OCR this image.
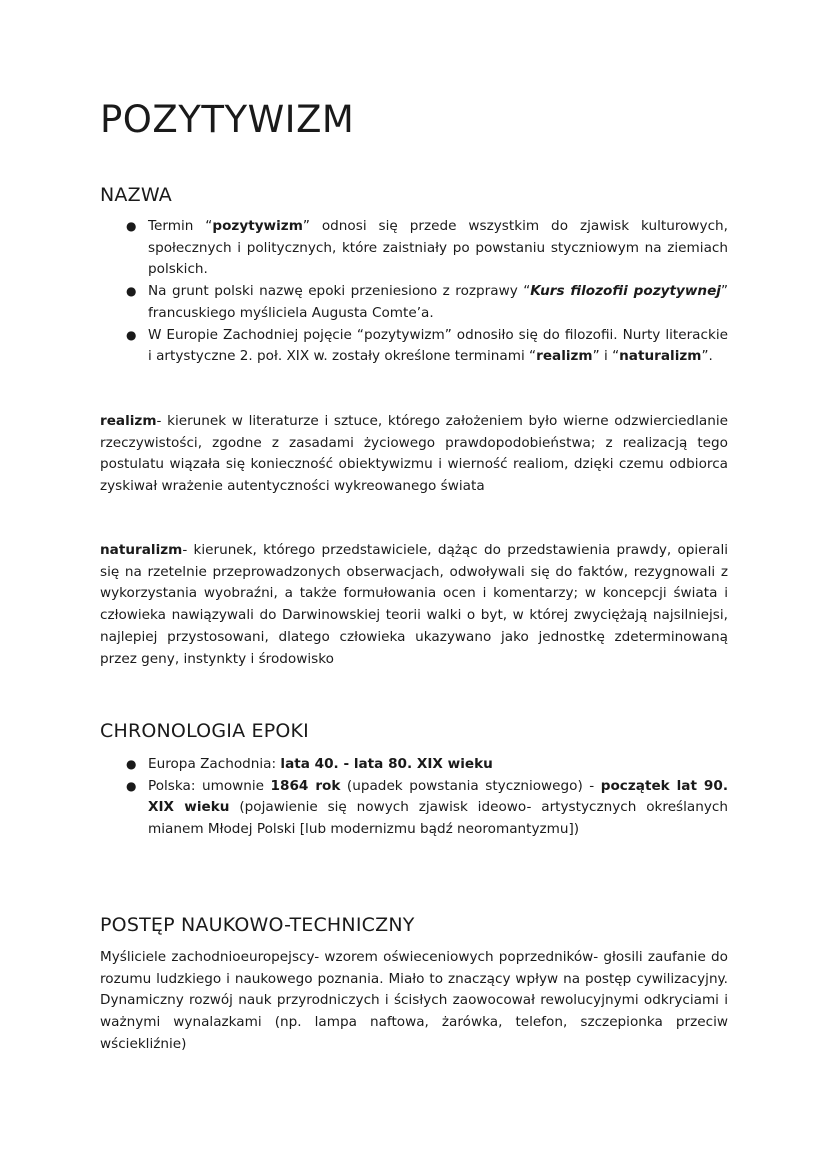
POZYTYWIZM
NAZWA
● Termin “pozytywizm” odnosi się przede wszystkim do zjawisk kulturowych, społecznych i politycznych, które zaistniały po powstaniu styczniowym na ziemiach polskich.
● Na grunt polski nazwę epoki przeniesiono z rozprawy “Kurs filozofii pozytywnej” francuskiego myśliciela Augusta Comte’a.
● W Europie Zachodniej pojęcie “pozytywizm” odnosiło się do filozofii. Nurty literackie i artystyczne 2. poł. XIX w. zostały określone terminami “realizm” i “naturalizm”.

realizm- kierunek w literaturze i sztuce, którego założeniem było wierne odzwierciedlanie rzeczywistości, zgodne z zasadami życiowego prawdopodobieństwa; z realizacją tego postulatu wiązała się konieczność obiektywizmu i wierność realiom, dzięki czemu odbiorca zyskiwał wrażenie autentyczności wykreowanego świata

naturalizm- kierunek, którego przedstawiciele, dążąc do przedstawienia prawdy, opierali się na rzetelnie przeprowadzonych obserwacjach, odwoływali się do faktów, rezygnowali z wykorzystania wyobraźni, a także formułowania ocen i komentarzy; w koncepcji świata i człowieka nawiązywali do Darwinowskiej teorii walki o byt, w której zwyciężają najsilniejsi, najlepiej przystosowani, dlatego człowieka ukazywano jako jednostkę zdeterminowaną przez geny, instynkty i środowisko

CHRONOLOGIA EPOKI
● Europa Zachodnia: lata 40. - lata 80. XIX wieku
● Polska: umownie 1864 rok (upadek powstania styczniowego) - początek lat 90. XIX wieku (pojawienie się nowych zjawisk ideowo- artystycznych określanych mianem Młodej Polski [lub modernizmu bądź neoromantyzmu])
POSTĘP NAUKOWO-TECHNICZNY

Myśliciele zachodnioeuropejscy- wzorem oświeceniowych poprzedników- głosili zaufanie do rozumu ludzkiego i naukowego poznania. Miało to znaczący wpływ na postęp cywilizacyjny. Dynamiczny rozwój nauk przyrodniczych i ścisłych zaowocował rewolucyjnymi odkryciami i ważnymi wynalazkami (np. lampa naftowa, żarówka, telefon, szczepionka przeciw wściekliźnie)
